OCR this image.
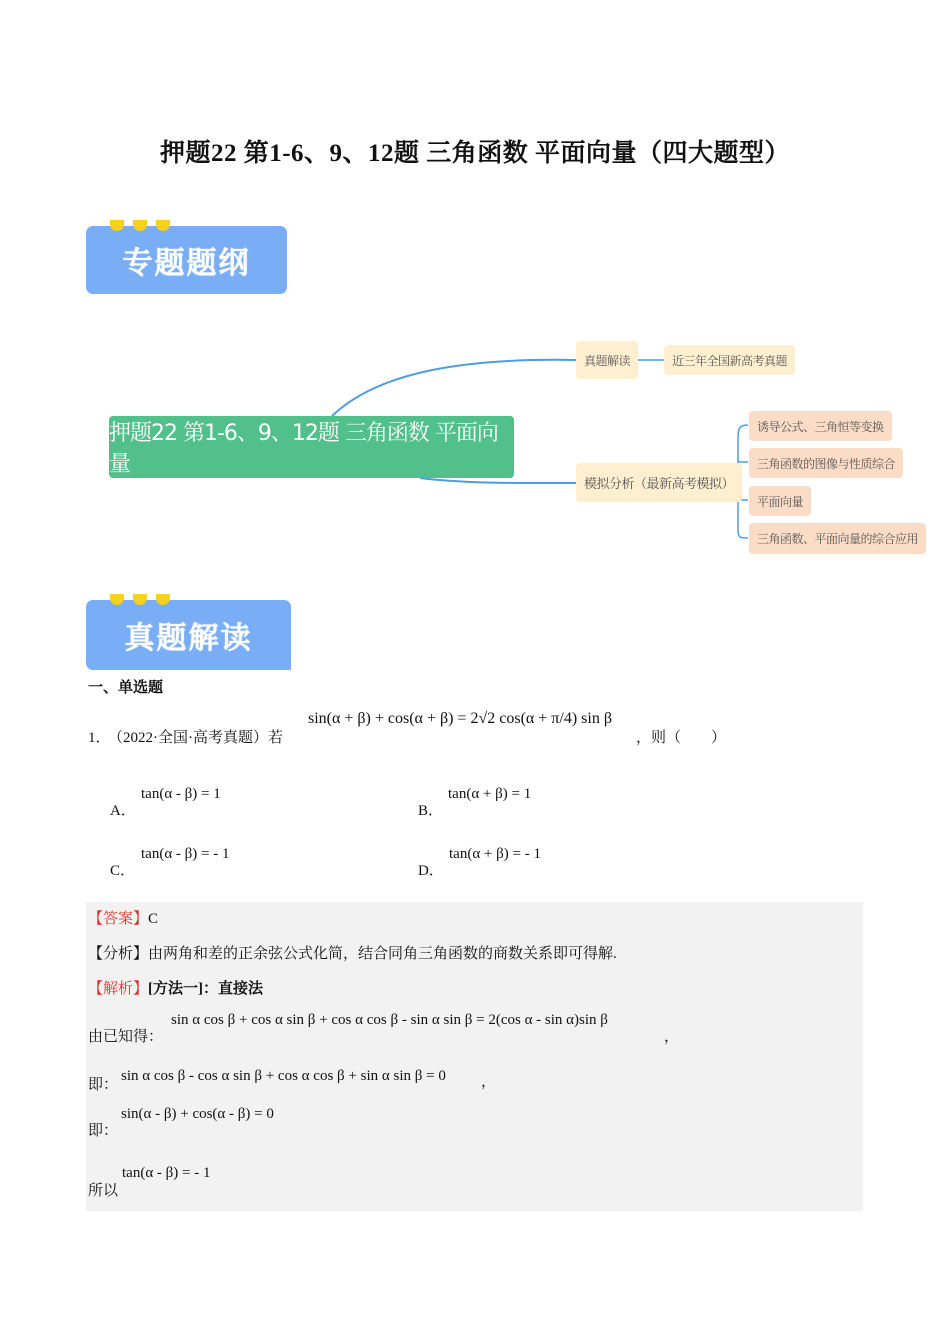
押题22 第1-6、9、12题 三角函数 平面向量（四大题型）
专题题纲
押题22 第1-6、9、12题 三角函数 平面向量
真题解读	近三年全国新高考真题
模拟分析（最新高考模拟）
诱导公式、三角恒等变换
三角函数的图像与性质综合
平面向量
三角函数、平面向量的综合应用
真题解读
一、单选题
1．
（2022·全国·高考真题）若
sin(α + β) + cos(α + β) = 2√2 cos(α + π/4) sin β
，则（　　）
A．
tan(α - β) = 1
B．
tan(α + β) = 1
C．
tan(α - β) = - 1
D．
tan(α + β) = - 1
【答案】C
【分析】由两角和差的正余弦公式化简，结合同角三角函数的商数关系即可得解.
【解析】[方法一]：直接法
由已知得：
sin α cos β + cos α sin β + cos α cos β - sin α sin β = 2(cos α - sin α)sin β
，
即：
sin α cos β - cos α sin β + cos α cos β + sin α sin β = 0 ，
即：
sin(α - β) + cos(α - β) = 0
所以
tan(α - β) = - 1
